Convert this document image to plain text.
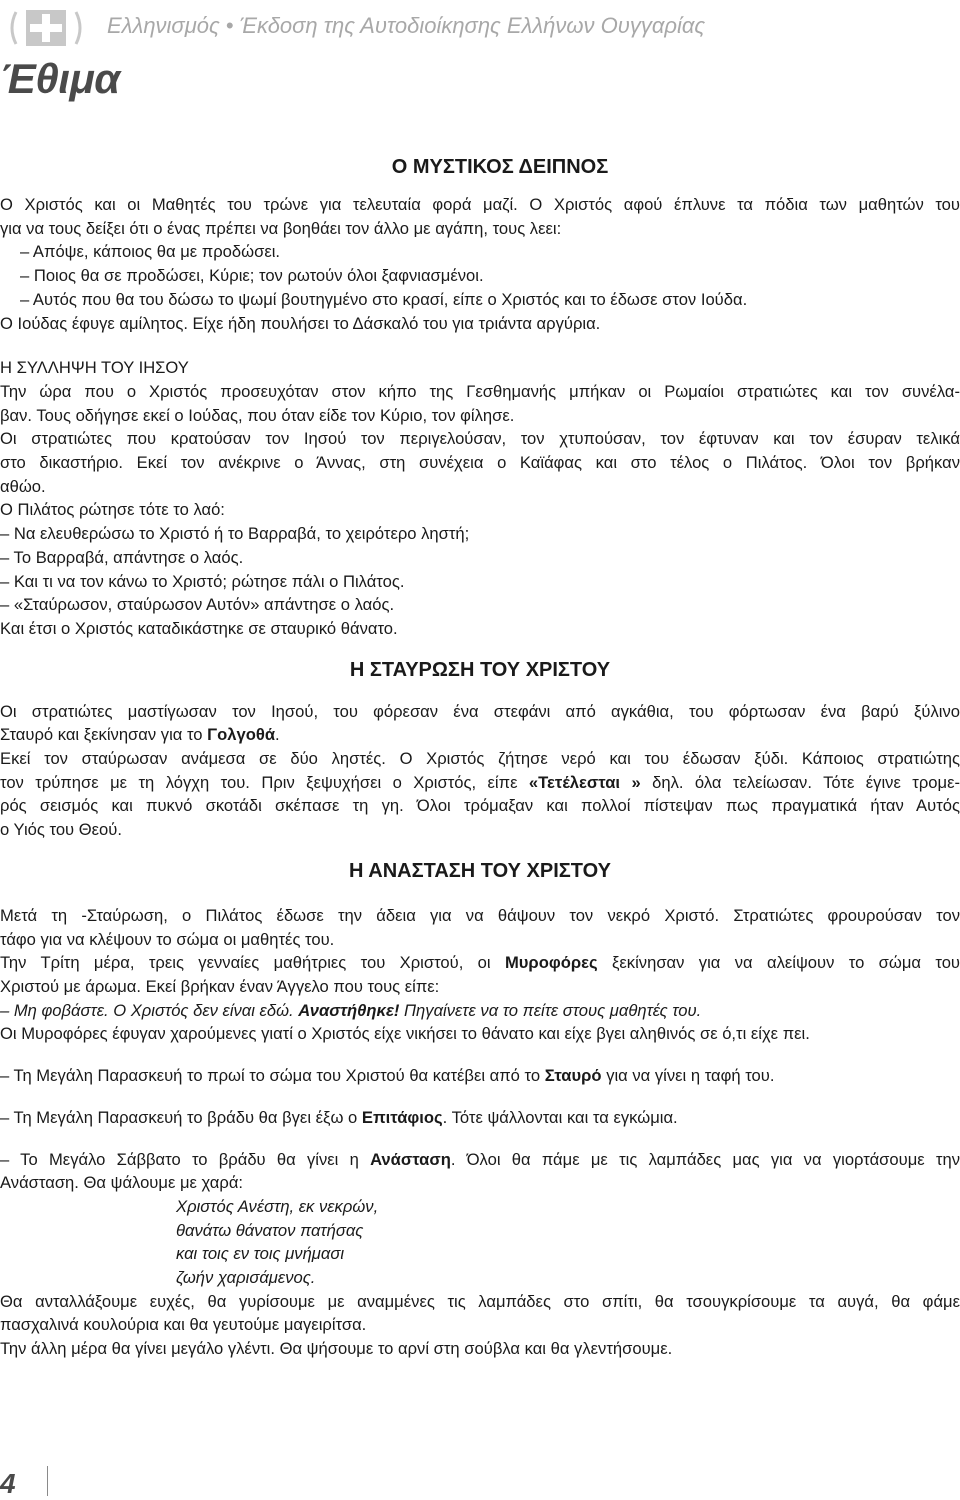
Ελληνισμός • Έκδοση της Αυτοδιοίκησης Ελλήνων Ουγγαρίας
Έθιμα
Ο ΜΥΣΤΙΚΟΣ ΔΕΙΠΝΟΣ
Ο Χριστός και οι Μαθητές του τρώνε για τελευταία φορά μαζί. Ο Χριστός αφού έπλυνε τα πόδια των μαθητών του
για να τους δείξει ότι ο ένας πρέπει να βοηθάει τον άλλο με αγάπη, τους λεει:
– Απόψε, κάποιος θα με προδώσει.
– Ποιος θα σε προδώσει, Κύριε; τον ρωτούν όλοι ξαφνιασμένοι.
– Αυτός που θα του δώσω το ψωμί βουτηγμένο στο κρασί, είπε ο Χριστός και το έδωσε στον Ιούδα.
Ο Ιούδας έφυγε αμίλητος. Είχε ήδη πουλήσει το Δάσκαλό του για τριάντα αργύρια.
Η ΣΥΛΛΗΨΗ ΤΟΥ ΙΗΣΟΥ
Την ώρα που ο Χριστός προσευχόταν στον κήπο της Γεσθημανής μπήκαν οι Ρωμαίοι στρατιώτες και τον συνέλα-
βαν. Τους οδήγησε εκεί ο Ιούδας, που όταν είδε τον Κύριο, τον φίλησε.
Οι στρατιώτες που κρατούσαν τον Ιησού τον περιγελούσαν, τον χτυπούσαν, τον έφτυναν και τον έσυραν τελικά
στο δικαστήριο. Εκεί τον ανέκρινε ο Άννας, στη συνέχεια ο Καϊάφας και στο τέλος ο Πιλάτος. Όλοι τον βρήκαν
αθώο.
Ο Πιλάτος ρώτησε τότε το λαό:
– Να ελευθερώσω το Χριστό ή το Βαρραβά, το χειρότερο ληστή;
– Το Βαρραβά, απάντησε ο λαός.
– Και τι να τον κάνω το Χριστό; ρώτησε πάλι ο Πιλάτος.
– «Σταύρωσον, σταύρωσον Αυτόν» απάντησε ο λαός.
Και έτσι ο Χριστός καταδικάστηκε σε σταυρικό θάνατο.
Η ΣΤΑΥΡΩΣΗ ΤΟΥ ΧΡΙΣΤΟΥ
Οι στρατιώτες μαστίγωσαν τον Ιησού, του φόρεσαν ένα στεφάνι από αγκάθια, του φόρτωσαν ένα βαρύ ξύλινο
Σταυρό και ξεκίνησαν για το Γολγοθά.
Εκεί τον σταύρωσαν ανάμεσα σε δύο ληστές. Ο Χριστός ζήτησε νερό και του έδωσαν ξύδι. Κάποιος στρατιώτης
τον τρύπησε με τη λόγχη του. Πριν ξεψυχήσει ο Χριστός, είπε «Τετέλεσται » δηλ. όλα τελείωσαν. Τότε έγινε τρομε-
ρός σεισμός και πυκνό σκοτάδι σκέπασε τη γη. Όλοι τρόμαξαν και πολλοί πίστεψαν πως πραγματικά ήταν Αυτός
ο Υιός του Θεού.
Η ΑΝΑΣΤΑΣΗ ΤΟΥ ΧΡΙΣΤΟΥ
Μετά τη -Σταύρωση, ο Πιλάτος έδωσε την άδεια για να θάψουν τον νεκρό Χριστό. Στρατιώτες φρουρούσαν τον
τάφο για να κλέψουν το σώμα οι μαθητές του.
Την Τρίτη μέρα, τρεις γενναίες μαθήτριες του Χριστού, οι Μυροφόρες ξεκίνησαν για να αλείψουν το σώμα του
Χριστού με άρωμα. Εκεί βρήκαν έναν Άγγελο που τους είπε:
– Μη φοβάστε. Ο Χριστός δεν είναι εδώ. Αναστήθηκε! Πηγαίνετε να το πείτε στους μαθητές του.
Οι Μυροφόρες έφυγαν χαρούμενες γιατί ο Χριστός είχε νικήσει το θάνατο και είχε βγει αληθινός σε ό,τι είχε πει.
– Τη Μεγάλη Παρασκευή το πρωί το σώμα του Χριστού θα κατέβει από το Σταυρό για να γίνει η ταφή του.
– Τη Μεγάλη Παρασκευή το βράδυ θα βγει έξω ο Επιτάφιος. Τότε ψάλλονται και τα εγκώμια.
– Το Μεγάλο Σάββατο το βράδυ θα γίνει η Ανάσταση. Όλοι θα πάμε με τις λαμπάδες μας για να γιορτάσουμε την
Ανάσταση. Θα ψάλουμε με χαρά:
Χριστός Ανέστη, εκ νεκρών,
θανάτω θάνατον πατήσας
και τοις εν τοις μνήμασι
ζωήν χαρισάμενος.
Θα ανταλλάξουμε ευχές, θα γυρίσουμε με αναμμένες τις λαμπάδες στο σπίτι, θα τσουγκρίσουμε τα αυγά, θα φάμε
πασχαλινά κουλούρια και θα γευτούμε μαγειρίτσα.
Την άλλη μέρα θα γίνει μεγάλο γλέντι. Θα ψήσουμε το αρνί στη σούβλα και θα γλεντήσουμε.
4
